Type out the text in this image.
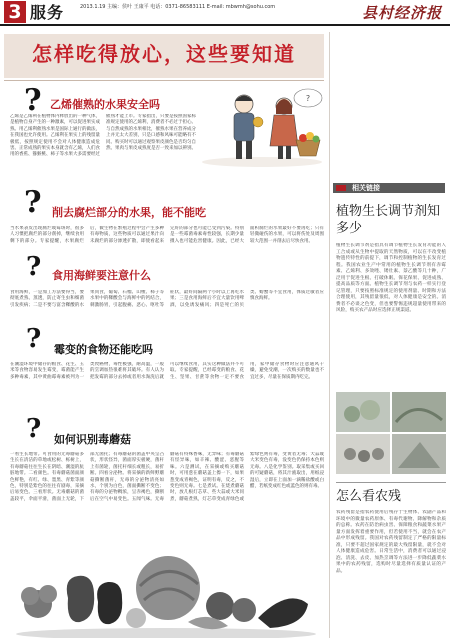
3 服务	2013.1.19 主编：侯叶 王康平 电话：0371-86583111 E-mail: mbwmh@sohu.com	县村经济报
怎样吃得放心，这些要知道
? 乙烯催熟的水果安全吗
乙烯是乙烯利在植物体内释放出的一种气体，是植物自身产生的一种激素，可以促进果实成熟。用乙烯利催熟水果是国际上通行的做法，在我国也允许使用。乙烯利在果实上的残留量极低，按照规定使用不会对人体健康造成危害。正常成熟的果实本身就含有乙烯，人们食用的香蕉、猕猴桃、柿子等水果大多需要经过催熟才能上市。专家指出，只要是按照国家标准规定使用的乙烯利，消费者不必过于担心。与自然成熟的水果相比，催熟水果在营养成分上并无太大差别，只是口感和风味可能略有不同。购买时可以通过观察果皮颜色是否均匀自然、果肉与果皮成熟度是否一致来加以辨别。
?
? 削去腐烂部分的水果，能不能吃
当水果表皮出现腐烂或霉斑时，很多人习惯把腐烂的部分削掉，继续食用剩下的部分。专家提醒，水果腐烂后，微生物在繁殖过程中会产生多种有毒物质，这些物质可以通过果汁向未腐烂的部分渗透扩散，即使看起来完好的部分也可能已受到污染。特别是一些霉菌毒素毒性较强，长期少量摄入也可能危害健康。因此，已经大面积腐烂的水果最好不要再吃；只有轻微碰伤的水果，可以将伤处及周围较大范围一并削去后尽快食用。
? 食用海鲜要注意什么
食用海鲜，一是加工方法要得当，要彻底煮熟、蒸透，防止寄生虫和细菌引发疾病；二是不要与富含鞣酸的水果同食，葡萄、石榴、山楂、柿子等水果中的鞣酸会与海鲜中的钙结合，刺激肠胃，引起腹痛、恶心、呕吐等症状，最好间隔两个小时以上再吃水果；三是食用海鲜后不宜大量饮用啤酒，以免诱发痛风；四是死亡的贝类、螃蟹等不宜食用，体质过敏者应慎食海鲜。
? 霉变的食物还能吃吗
在潮湿环境中储存的粮食、花生、玉米等食物容易发生霉变，霉菌能产生多种毒素，其中黄曲霉毒素被列为一类致癌物，毒性极强，耐高温，一般的烹调加热很难将其破坏。有人认为把发霉的部分去掉或者用水淘洗后就可以继续食用，其实这种做法并不可取。专家提醒，已经霉变的粮食、花生、坚果、甘蔗等食物一定不要食用，家中储存食物时应注意通风干燥，避免受潮，一次购买的数量也不宜过多，尽量在保质期内吃完。
? 如何识别毒蘑菇
一看生长地带。可食用的无毒蘑菇多生长在清洁的草地或松树、栎树上，有毒蘑菇往往生长在阴暗、潮湿的肮脏地带。二看颜色。有毒蘑菇菌面颜色鲜艳，有红、绿、墨黑、青紫等颜色，特别是紫色的往往有剧毒，采摘后易变色。三看形状。无毒蘑菇的菌盖较平，伞面平滑，菌面上无轮，下部无菌托；有毒蘑菇的菌盖中央呈凸状，形状怪异，菌面厚实板硬，菌秆上有菌轮，菌托秆细长或粗长，易折断。四看分泌物。将采摘的新鲜野蘑菇撕断菌秆，无毒的分泌物清亮如水，个别为白色，菌面撕断不变色；有毒的分泌物稠浓，呈赤褐色，撕断后在空气中易变色。五闻气味。无毒蘑菇有特殊香味，无异味；有毒蘑菇有怪异味，如辛辣、酸涩、恶腥等味。六是测试，在采摘或购买蘑菇时，可用葱在蘑菇盖上擦一下，如果葱变成青褐色，证明有毒，反之，不变色则无毒。七是煮试。在烧煮蘑菇时，放几根灯芯草、些大蒜或大米同煮，蘑菇煮熟，灯芯草变成青绿色或紫绿色则有毒，变黄者无毒；大蒜或大米变色有毒，没变色仍保持本色则无毒。八是化学鉴别。取采集或买回的可疑蘑菇，将其汁液取出，用纸浸湿后，立即在上面加一滴稀盐酸或白醋，若纸变成红色或蓝色的则有毒。
相关链接
植物生长调节剂知多少
植物生长调节剂是指具有调节植物生长发育功能的人工合成或从生物中提取的天然物质，可以在不改变植物遗传特性的前提下，调节和控制植物的生长发育过程。我国农业生产中常用的植物生长调节剂有赤霉素、乙烯利、多效唑、矮壮素、萘乙酸等几十种，广泛用于促进生根、打破休眠、保花保果、促进成熟、提高品质等方面。植物生长调节剂与农药一样实行登记管理，只要按照标准规定的使用剂量、时期和方法合理使用，其残留量很低，对人体健康是安全的。消费者不必谈之色变，但也要警惕违规超量使用带来的风险，购买农产品时应选择正规渠道。
怎么看农残
农药残留是指农药使用后残存于生物体、农副产品和环境中的微量农药原体、有毒代谢物、降解物和杂质的总称。农药在防治病虫害、保障粮食和蔬菜水果产量方面发挥着重要作用，但若使用不当，就会在农产品中形成残留。我国对农药残留制定了严格的限量标准，只要不超过国家规定的最大残留限量，就不会对人体健康造成危害。日常生活中，消费者可以通过浸泡、清洗、去皮、加热烹调等方法进一步降低蔬菜水果中的农药残留，选购时尽量选择有质量认证的产品。
